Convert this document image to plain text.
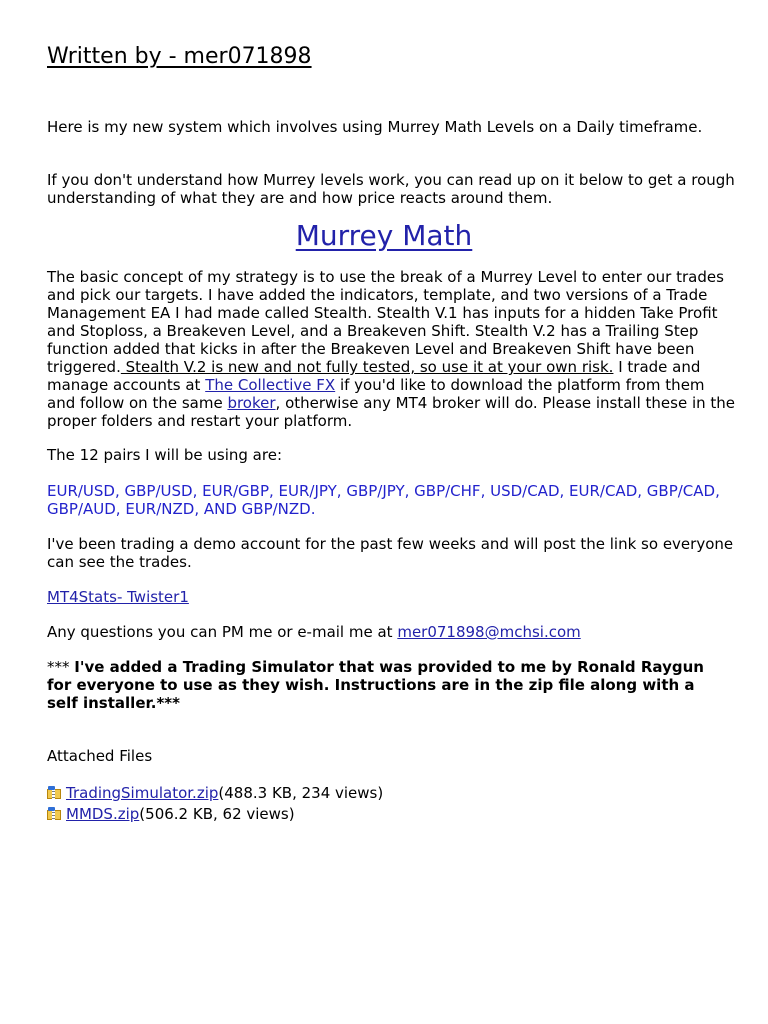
Written by - mer071898

Here is my new system which involves using Murrey Math Levels on a Daily timeframe.

If you don't understand how Murrey levels work, you can read up on it below to get a rough understanding of what they are and how price reacts around them.

Murrey Math

The basic concept of my strategy is to use the break of a Murrey Level to enter our trades and pick our targets. I have added the indicators, template, and two versions of a Trade Management EA I had made called Stealth. Stealth V.1 has inputs for a hidden Take Profit and Stoploss, a Breakeven Level, and a Breakeven Shift. Stealth V.2 has a Trailing Step function added that kicks in after the Breakeven Level and Breakeven Shift have been triggered. Stealth V.2 is new and not fully tested, so use it at your own risk. I trade and manage accounts at The Collective FX if you'd like to download the platform from them and follow on the same broker, otherwise any MT4 broker will do. Please install these in the proper folders and restart your platform.

The 12 pairs I will be using are:

EUR/USD, GBP/USD, EUR/GBP, EUR/JPY, GBP/JPY, GBP/CHF, USD/CAD, EUR/CAD, GBP/CAD, GBP/AUD, EUR/NZD, AND GBP/NZD.

I've been trading a demo account for the past few weeks and will post the link so everyone can see the trades.

MT4Stats- Twister1

Any questions you can PM me or e-mail me at mer071898@mchsi.com

*** I've added a Trading Simulator that was provided to me by Ronald Raygun for everyone to use as they wish. Instructions are in the zip file along with a self installer.***

Attached Files

TradingSimulator.zip (488.3 KB, 234 views)
MMDS.zip (506.2 KB, 62 views)
